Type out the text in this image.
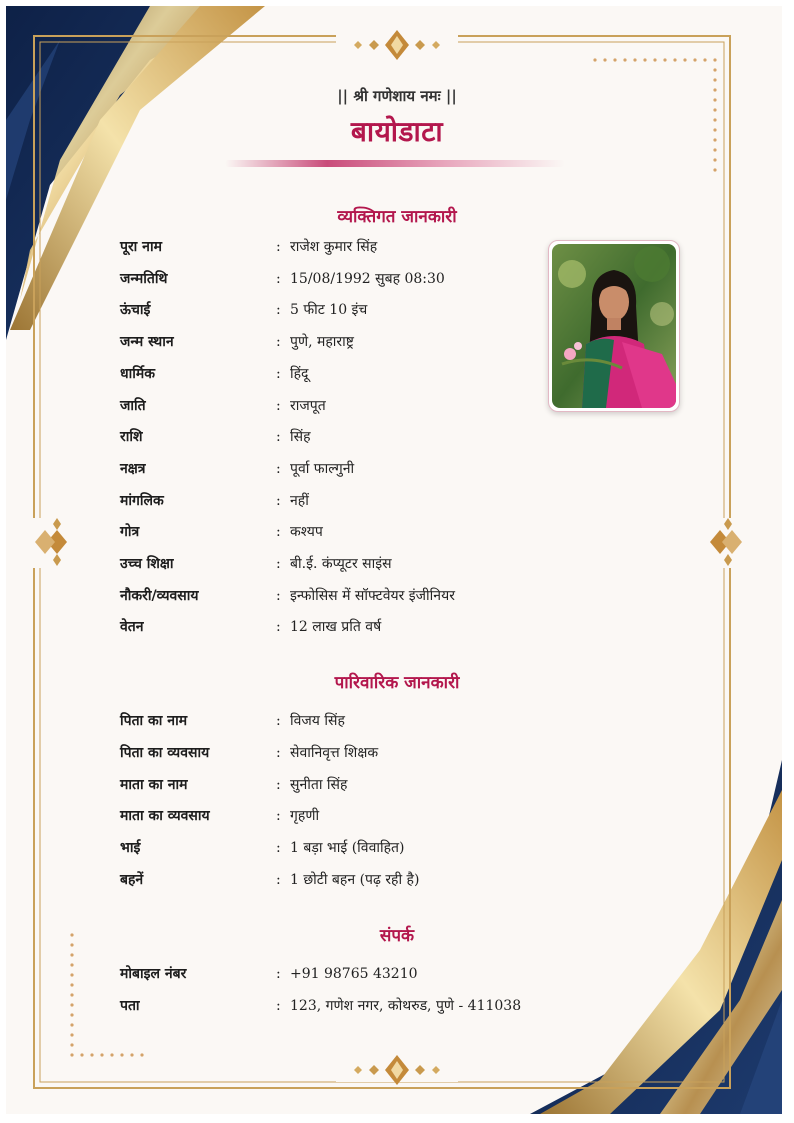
|| श्री गणेशाय नमः ||
बायोडाटा
व्यक्तिगत जानकारी
पूरा नाम	: राजेश कुमार सिंह
जन्मतिथि	: 15/08/1992 सुबह 08:30
ऊंचाई	: 5 फीट 10 इंच
जन्म स्थान	: पुणे, महाराष्ट्र
धार्मिक	: हिंदू
जाति	: राजपूत
राशि	: सिंह
नक्षत्र	: पूर्वा फाल्गुनी
मांगलिक	: नहीं
गोत्र	: कश्यप
उच्च शिक्षा	: बी.ई. कंप्यूटर साइंस
नौकरी/व्यवसाय	: इन्फोसिस में सॉफ्टवेयर इंजीनियर
वेतन	: 12 लाख प्रति वर्ष
पारिवारिक जानकारी
पिता का नाम	: विजय सिंह
पिता का व्यवसाय	: सेवानिवृत्त शिक्षक
माता का नाम	: सुनीता सिंह
माता का व्यवसाय	: गृहणी
भाई	: 1 बड़ा भाई (विवाहित)
बहनें	: 1 छोटी बहन (पढ़ रही है)
संपर्क
मोबाइल नंबर	: +91 98765 43210
पता	: 123, गणेश नगर, कोथरुड, पुणे - 411038
